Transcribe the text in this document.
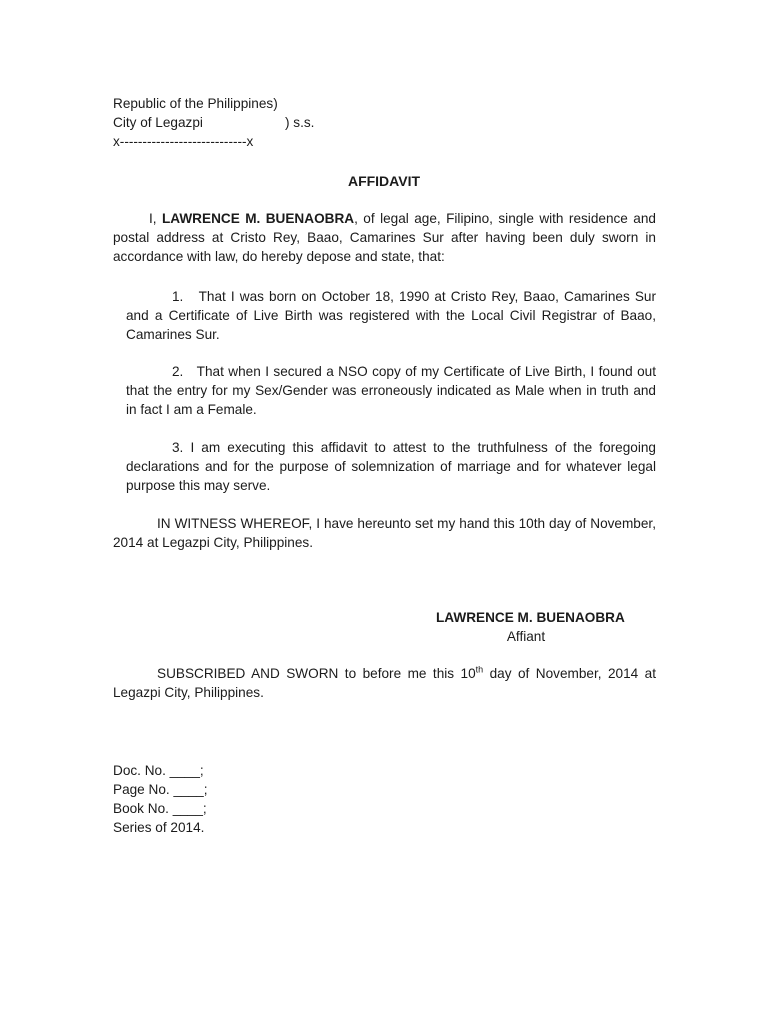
Republic of the Philippines)
City of Legazpi	) s.s.
x----------------------------x
AFFIDAVIT
I, LAWRENCE M. BUENAOBRA, of legal age, Filipino, single with residence and postal address at Cristo Rey, Baao, Camarines Sur after having been duly sworn in accordance with law, do hereby depose and state, that:
1. That I was born on October 18, 1990 at Cristo Rey, Baao, Camarines Sur and a Certificate of Live Birth was registered with the Local Civil Registrar of Baao, Camarines Sur.
2. That when I secured a NSO copy of my Certificate of Live Birth, I found out that the entry for my Sex/Gender was erroneously indicated as Male when in truth and in fact I am a Female.
3. I am executing this affidavit to attest to the truthfulness of the foregoing declarations and for the purpose of solemnization of marriage and for whatever legal purpose this may serve.
IN WITNESS WHEREOF, I have hereunto set my hand this 10th day of November, 2014 at Legazpi City, Philippines.
LAWRENCE M. BUENAOBRA
Affiant
SUBSCRIBED AND SWORN to before me this 10th day of November, 2014 at Legazpi City, Philippines.
Doc. No. ____;
Page No. ____;
Book No. ____;
Series of 2014.
